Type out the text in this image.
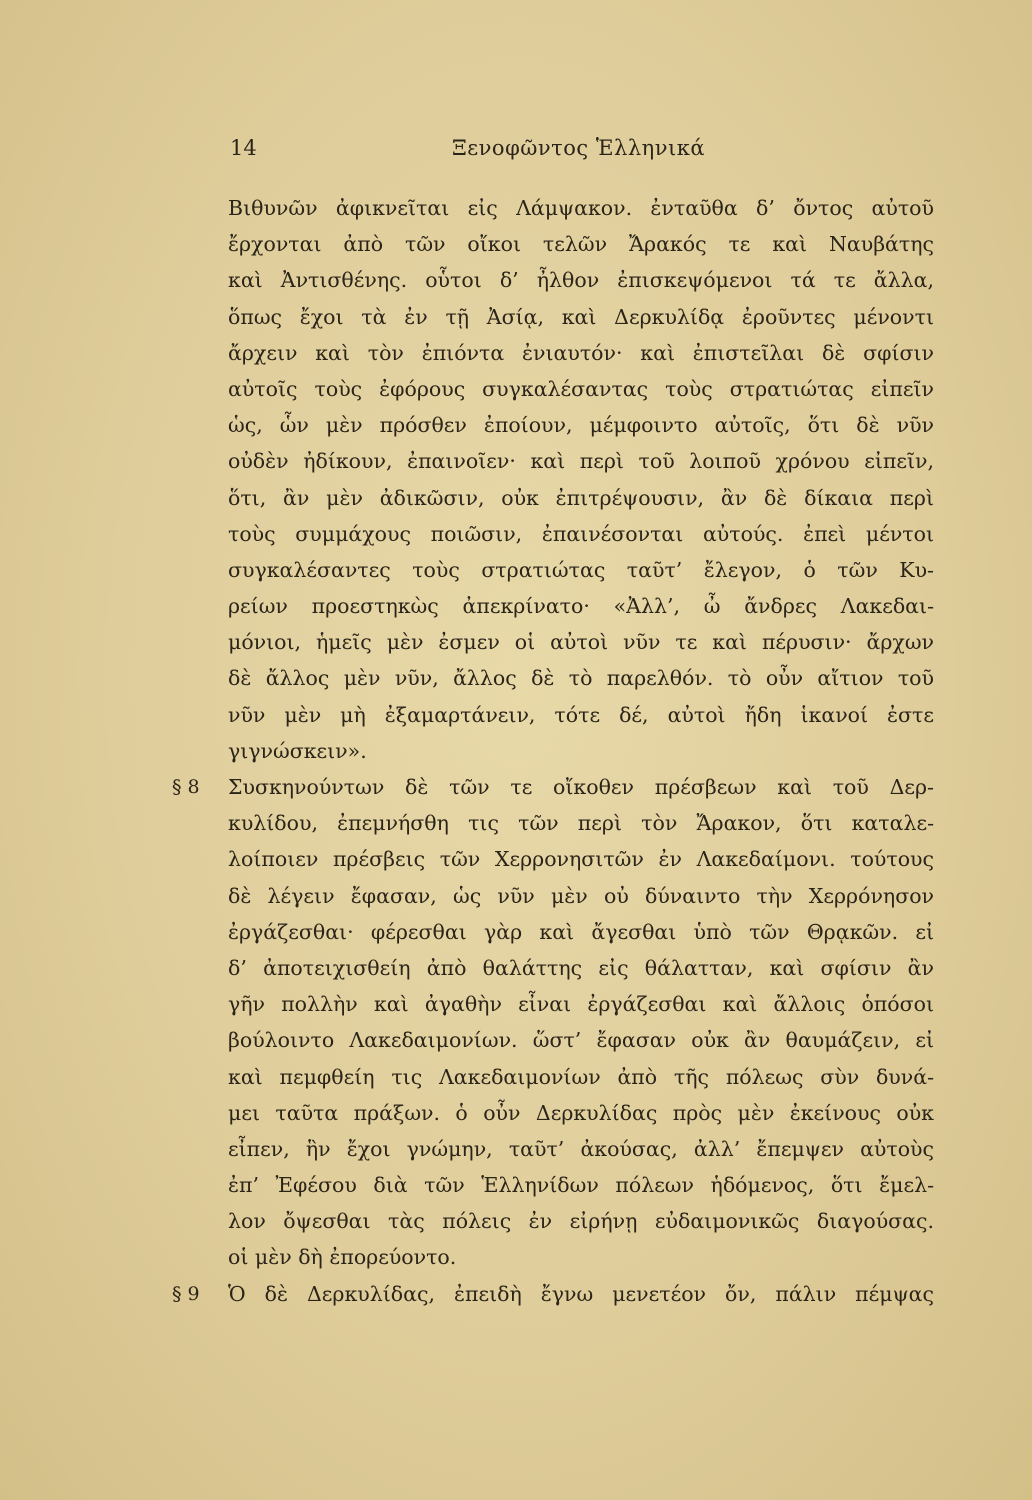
14	Ξενοφῶντος Ἑλληνικά
Βιθυνῶν ἀφικνεῖται εἰς Λάμψακον. ἐνταῦθα δ’ ὄντος αὐτοῦ
ἔρχονται ἀπὸ τῶν οἴκοι τελῶν Ἄρακός τε καὶ Ναυβάτης
καὶ Ἀντισθένης. οὗτοι δ’ ἦλθον ἐπισκεψόμενοι τά τε ἄλλα,
ὅπως ἔχοι τὰ ἐν τῇ Ἀσίᾳ, καὶ Δερκυλίδᾳ ἐροῦντες μένοντι
ἄρχειν καὶ τὸν ἐπιόντα ἐνιαυτόν· καὶ ἐπιστεῖλαι δὲ σφίσιν
αὐτοῖς τοὺς ἐφόρους συγκαλέσαντας τοὺς στρατιώτας εἰπεῖν
ὡς, ὧν μὲν πρόσθεν ἐποίουν, μέμφοιντο αὐτοῖς, ὅτι δὲ νῦν
οὐδὲν ἠδίκουν, ἐπαινοῖεν· καὶ περὶ τοῦ λοιποῦ χρόνου εἰπεῖν,
ὅτι, ἂν μὲν ἀδικῶσιν, οὐκ ἐπιτρέψουσιν, ἂν δὲ δίκαια περὶ
τοὺς συμμάχους ποιῶσιν, ἐπαινέσονται αὐτούς. ἐπεὶ μέντοι
συγκαλέσαντες τοὺς στρατιώτας ταῦτ’ ἔλεγον, ὁ τῶν Κυ-
ρείων προεστηκὼς ἀπεκρίνατο· «Ἀλλ’, ὦ ἄνδρες Λακεδαι-
μόνιοι, ἡμεῖς μὲν ἐσμεν οἱ αὐτοὶ νῦν τε καὶ πέρυσιν· ἄρχων
δὲ ἄλλος μὲν νῦν, ἄλλος δὲ τὸ παρελθόν. τὸ οὖν αἴτιον τοῦ
νῦν μὲν μὴ ἐξαμαρτάνειν, τότε δέ, αὐτοὶ ἤδη ἱκανοί ἐστε
γιγνώσκειν».
§ 8 Συσκηνούντων δὲ τῶν τε οἴκοθεν πρέσβεων καὶ τοῦ Δερ-
κυλίδου, ἐπεμνήσθη τις τῶν περὶ τὸν Ἄρακον, ὅτι καταλε-
λοίποιεν πρέσβεις τῶν Χερρονησιτῶν ἐν Λακεδαίμονι. τούτους
δὲ λέγειν ἔφασαν, ὡς νῦν μὲν οὐ δύναιντο τὴν Χερρόνησον
ἐργάζεσθαι· φέρεσθαι γὰρ καὶ ἄγεσθαι ὑπὸ τῶν Θρᾳκῶν. εἰ
δ’ ἀποτειχισθείη ἀπὸ θαλάττης εἰς θάλατταν, καὶ σφίσιν ἂν
γῆν πολλὴν καὶ ἀγαθὴν εἶναι ἐργάζεσθαι καὶ ἄλλοις ὁπόσοι
βούλοιντο Λακεδαιμονίων. ὥστ’ ἔφασαν οὐκ ἂν θαυμάζειν, εἰ
καὶ πεμφθείη τις Λακεδαιμονίων ἀπὸ τῆς πόλεως σὺν δυνά-
μει ταῦτα πράξων. ὁ οὖν Δερκυλίδας πρὸς μὲν ἐκείνους οὐκ
εἶπεν, ἣν ἔχοι γνώμην, ταῦτ’ ἀκούσας, ἀλλ’ ἔπεμψεν αὐτοὺς
ἐπ’ Ἐφέσου διὰ τῶν Ἑλληνίδων πόλεων ἡδόμενος, ὅτι ἔμελ-
λον ὄψεσθαι τὰς πόλεις ἐν εἰρήνῃ εὐδαιμονικῶς διαγούσας.
οἱ μὲν δὴ ἐπορεύοντο.
§ 9 Ὁ δὲ Δερκυλίδας, ἐπειδὴ ἔγνω μενετέον ὄν, πάλιν πέμψας
